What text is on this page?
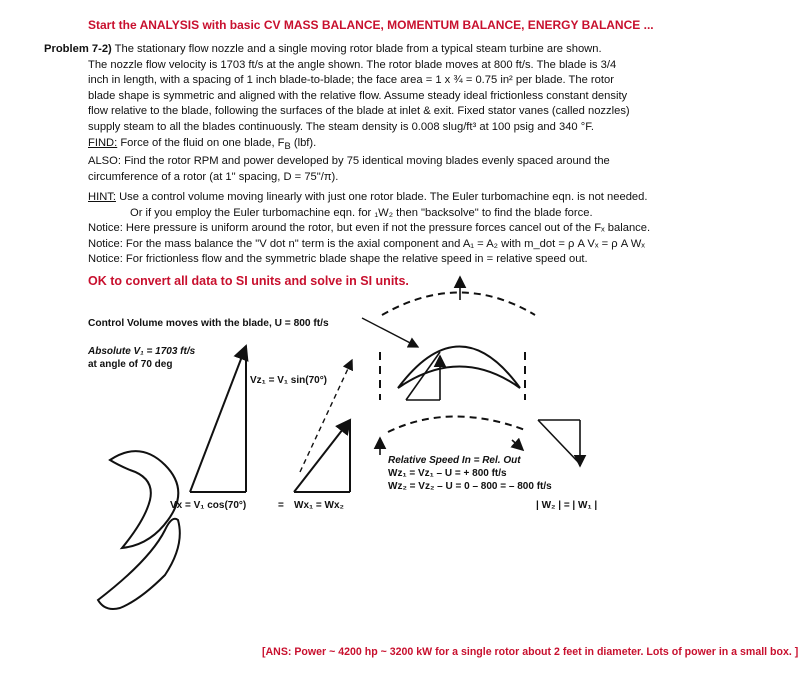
Start the ANALYSIS with basic CV MASS BALANCE, MOMENTUM BALANCE, ENERGY BALANCE ...
Problem 7-2) The stationary flow nozzle and a single moving rotor blade from a typical steam turbine are shown.
The nozzle flow velocity is 1703 ft/s at the angle shown. The rotor blade moves at 800 ft/s. The blade is 3/4
inch in length, with a spacing of 1 inch blade-to-blade; the face area = 1 x ¾ = 0.75 in² per blade. The rotor
blade shape is symmetric and aligned with the relative flow. Assume steady ideal frictionless constant density
flow relative to the blade, following the surfaces of the blade at inlet & exit. Fixed stator vanes (called nozzles)
supply steam to all the blades continuously. The steam density is 0.008 slug/ft³ at 100 psig and 340 °F.
FIND: Force of the fluid on one blade, $F_B$ (lbf).
ALSO: Find the rotor RPM and power developed by 75 identical moving blades evenly spaced around the
circumference of a rotor (at 1" spacing, D = 75"/π).
HINT: Use a control volume moving linearly with just one rotor blade. The Euler turbomachine eqn. is not needed.
Or if you employ the Euler turbomachine eqn. for ₁W₂ then "backsolve" to find the blade force.
Notice: Here pressure is uniform around the rotor, but even if not the pressure forces cancel out of the Fₓ balance.
Notice: For the mass balance the "V dot n" term is the axial component and A₁ = A₂ with m_dot = ρ A Vₓ = ρ A Wₓ
Notice: For frictionless flow and the symmetric blade shape the relative speed in = relative speed out.
OK to convert all data to SI units and solve in SI units.
Control Volume moves with the blade, U = 800 ft/s
Absolute V₁ = 1703 ft/s
at angle of 70 deg
Vz₁ = V₁ sin(70°)
Vx = V₁ cos(70°)	= Wx₁ = Wx₂
Relative Speed In = Rel. Out
Wz₁ = Vz₁ – U = + 800 ft/s
Wz₂ = Vz₂ – U = 0 – 800 = – 800 ft/s
| W₂ | = | W₁ |
[ANS: Power ~ 4200 hp ~ 3200 kW for a single rotor about 2 feet in diameter. Lots of power in a small box. ]
